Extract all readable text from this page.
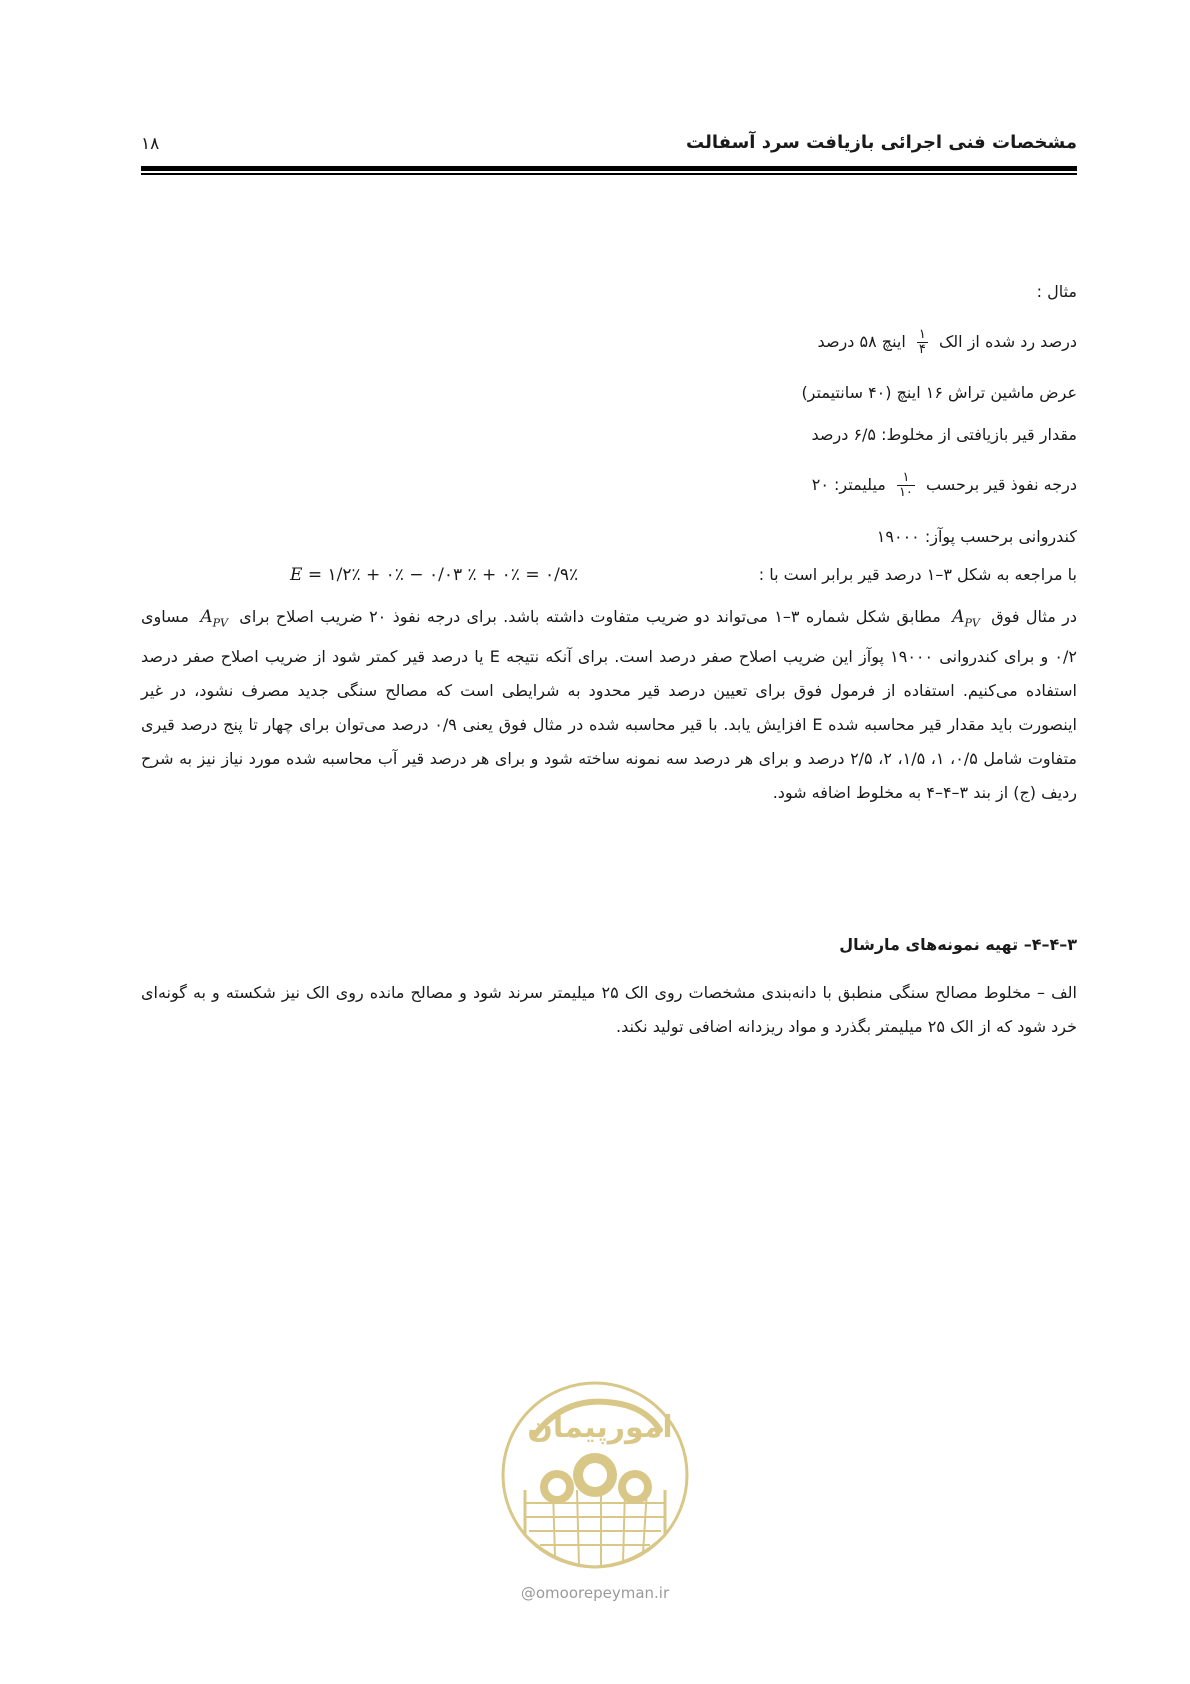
مشخصات فنی اجرائی بازیافت سرد آسفالت
۱۸
مثال :
درصد رد شده از الک
$\frac{۱}{۴}$
اینچ ۵۸ درصد
عرض ماشین تراش ۱۶ اینچ (۴۰ سانتیمتر)
مقدار قیر بازیافتی از مخلوط: ۶/۵ درصد
درجه نفوذ قیر برحسب
$\frac{۱}{۱۰}$
میلیمتر: ۲۰
کندروانی برحسب پوآز: ۱۹۰۰۰
با مراجعه به شکل ۳–۱ درصد قیر برابر است با :
E = ۱/۲٪ + ۰٪ − ۰/۰۳ ٪ + ۰٪ = ۰/۹٪
در مثال فوق $A_{PV}$ مطابق شکل شماره ۳–۱ می‌تواند دو ضریب متفاوت داشته باشد. برای درجه نفوذ ۲۰ ضریب اصلاح برای $A_{PV}$ مساوی ۰/۲ و برای کندروانی ۱۹۰۰۰ پوآز این ضریب اصلاح صفر درصد است. برای آنکه نتیجه E یا درصد قیر کمتر شود از ضریب اصلاح صفر درصد استفاده می‌کنیم. استفاده از فرمول فوق برای تعیین درصد قیر محدود به شرایطی است که مصالح سنگی جدید مصرف نشود، در غیر اینصورت باید مقدار قیر محاسبه شده E افزایش یابد. با قیر محاسبه شده در مثال فوق یعنی ۰/۹ درصد می‌توان برای چهار تا پنج درصد قیری متفاوت شامل ۰/۵، ۱، ۱/۵، ۲، ۲/۵ درصد و برای هر درصد سه نمونه ساخته شود و برای هر درصد قیر آب محاسبه شده مورد نیاز نیز به شرح ردیف (ج) از بند ۳–۴–۴ به مخلوط اضافه شود.
۳–۴–۴– تهیه نمونه‌های مارشال
الف – مخلوط مصالح سنگی منطبق با دانه‌بندی مشخصات روی الک ۲۵ میلیمتر سرند شود و مصالح مانده روی الک نیز شکسته و به گونه‌ای خرد شود که از الک ۲۵ میلیمتر بگذرد و مواد ریزدانه اضافی تولید نکند.
امورپیمان
@omoorepeyman.ir
